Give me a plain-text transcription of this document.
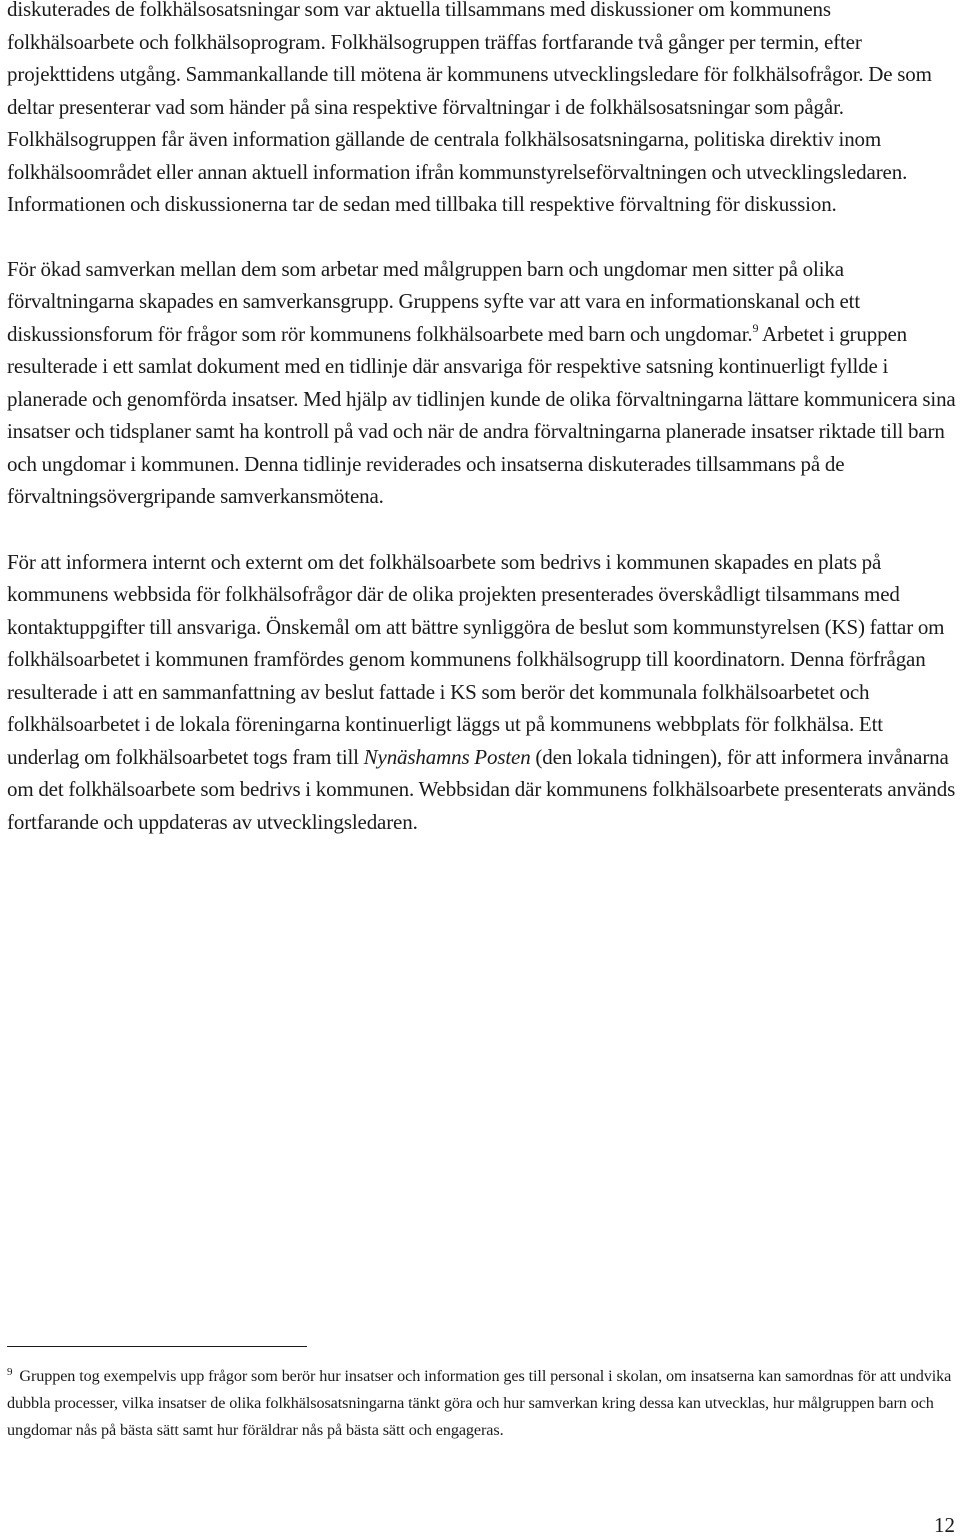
diskuterades de folkhälsosatsningar som var aktuella tillsammans med diskussioner om kommunens folkhälsoarbete och folkhälsoprogram. Folkhälsogruppen träffas fortfarande två gånger per termin, efter projekttidens utgång. Sammankallande till mötena är kommunens utvecklingsledare för folkhälsofrågor. De som deltar presenterar vad som händer på sina respektive förvaltningar i de folkhälsosatsningar som pågår. Folkhälsogruppen får även information gällande de centrala folkhälsosatsningarna, politiska direktiv inom folkhälsoområdet eller annan aktuell information ifrån kommunstyrelseförvaltningen och utvecklingsledaren. Informationen och diskussionerna tar de sedan med tillbaka till respektive förvaltning för diskussion.

För ökad samverkan mellan dem som arbetar med målgruppen barn och ungdomar men sitter på olika förvaltningarna skapades en samverkansgrupp. Gruppens syfte var att vara en informationskanal och ett diskussionsforum för frågor som rör kommunens folkhälsoarbete med barn och ungdomar.$^9$ Arbetet i gruppen resulterade i ett samlat dokument med en tidlinje där ansvariga för respektive satsning kontinuerligt fyllde i planerade och genomförda insatser. Med hjälp av tidlinjen kunde de olika förvaltningarna lättare kommunicera sina insatser och tidsplaner samt ha kontroll på vad och när de andra förvaltningarna planerade insatser riktade till barn och ungdomar i kommunen. Denna tidlinje reviderades och insatserna diskuterades tillsammans på de förvaltningsövergripande samverkansmötena.

För att informera internt och externt om det folkhälsoarbete som bedrivs i kommunen skapades en plats på kommunens webbsida för folkhälsofrågor där de olika projekten presenterades överskådligt tilsammans med kontaktuppgifter till ansvariga. Önskemål om att bättre synliggöra de beslut som kommunstyrelsen (KS) fattar om folkhälsoarbetet i kommunen framfördes genom kommunens folkhälsogrupp till koordinatorn. Denna förfrågan resulterade i att en sammanfattning av beslut fattade i KS som berör det kommunala folkhälsoarbetet och folkhälsoarbetet i de lokala föreningarna kontinuerligt läggs ut på kommunens webbplats för folkhälsa. Ett underlag om folkhälsoarbetet togs fram till Nynäshamns Posten (den lokala tidningen), för att informera invånarna om det folkhälsoarbete som bedrivs i kommunen. Webbsidan där kommunens folkhälsoarbete presenterats används fortfarande och uppdateras av utvecklingsledaren.

$^9$ Gruppen tog exempelvis upp frågor som berör hur insatser och information ges till personal i skolan, om insatserna kan samordnas för att undvika dubbla processer, vilka insatser de olika folkhälsosatsningarna tänkt göra och hur samverkan kring dessa kan utvecklas, hur målgruppen barn och ungdomar nås på bästa sätt samt hur föräldrar nås på bästa sätt och engageras.

12
